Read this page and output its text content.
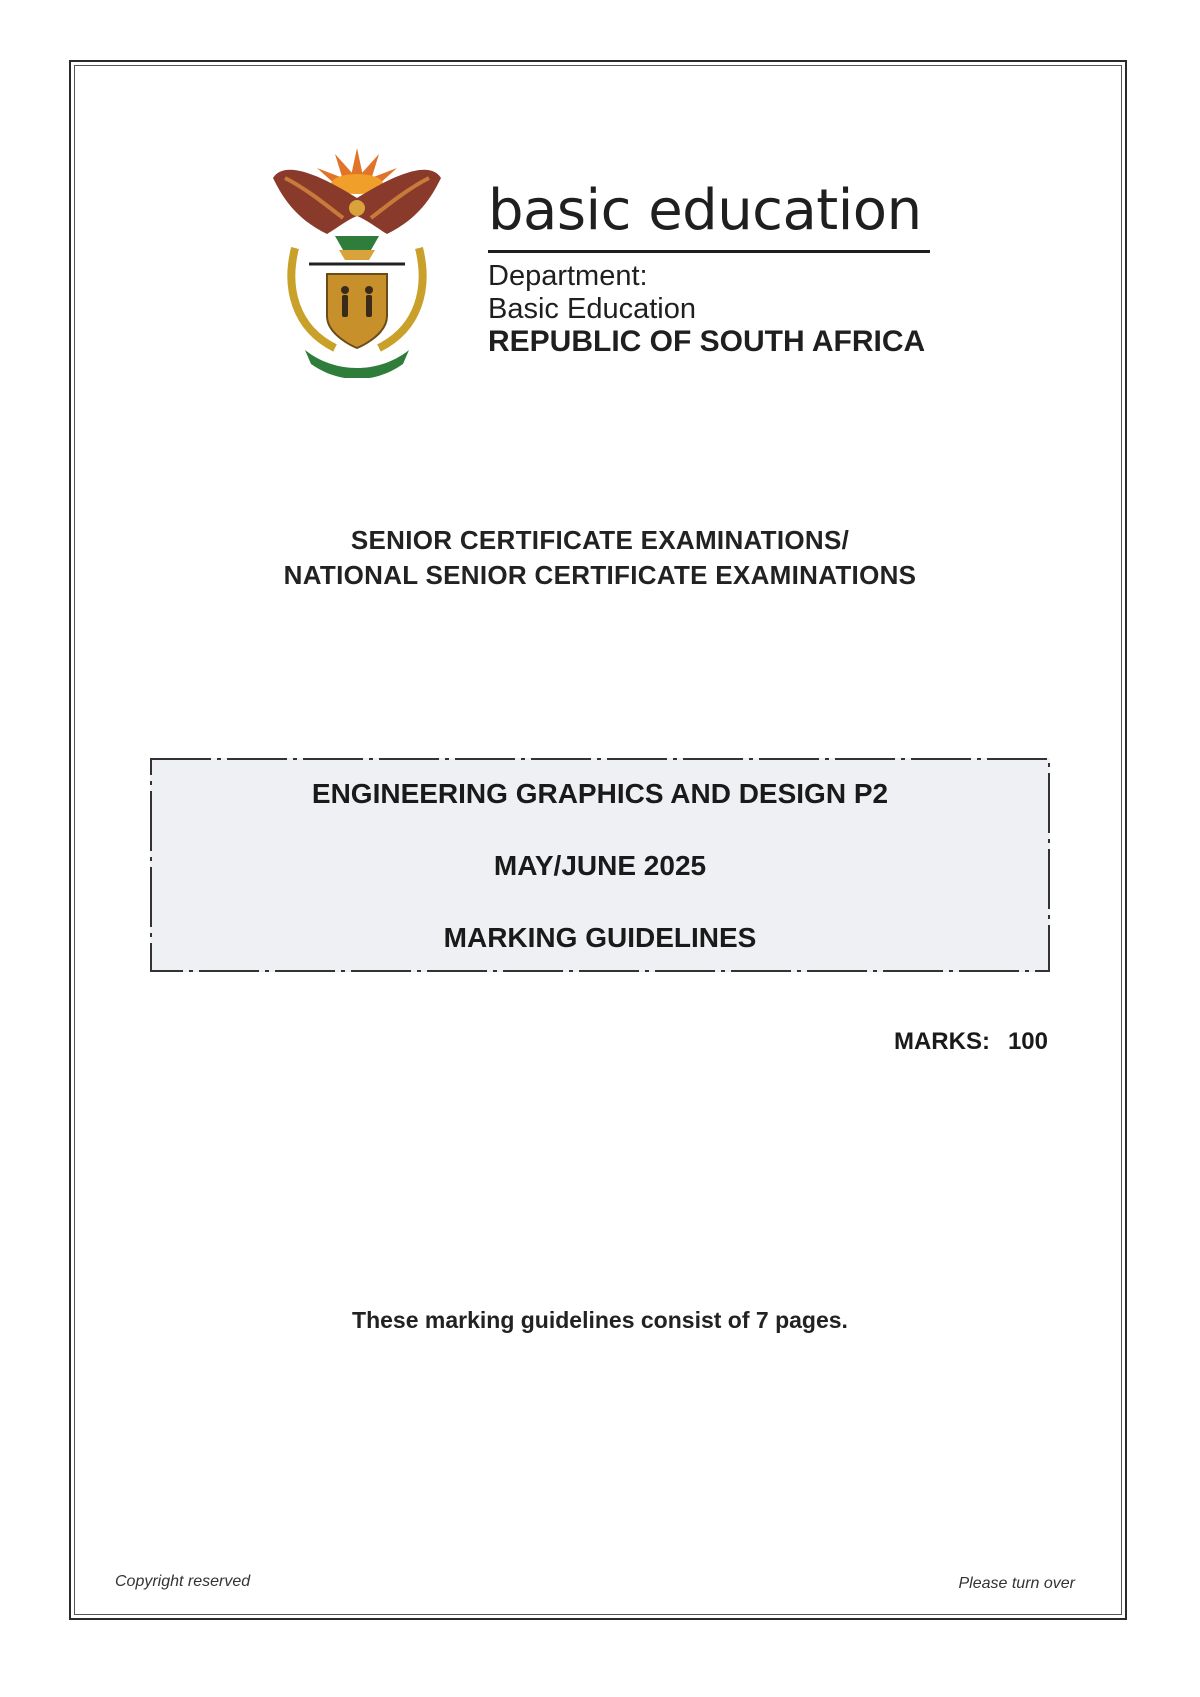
basic education
Department:
Basic Education
REPUBLIC OF SOUTH AFRICA
SENIOR CERTIFICATE EXAMINATIONS/
NATIONAL SENIOR CERTIFICATE EXAMINATIONS
ENGINEERING GRAPHICS AND DESIGN P2
MAY/JUNE 2025
MARKING GUIDELINES
MARKS: 100
These marking guidelines consist of 7 pages.
Copyright reserved	Please turn over
